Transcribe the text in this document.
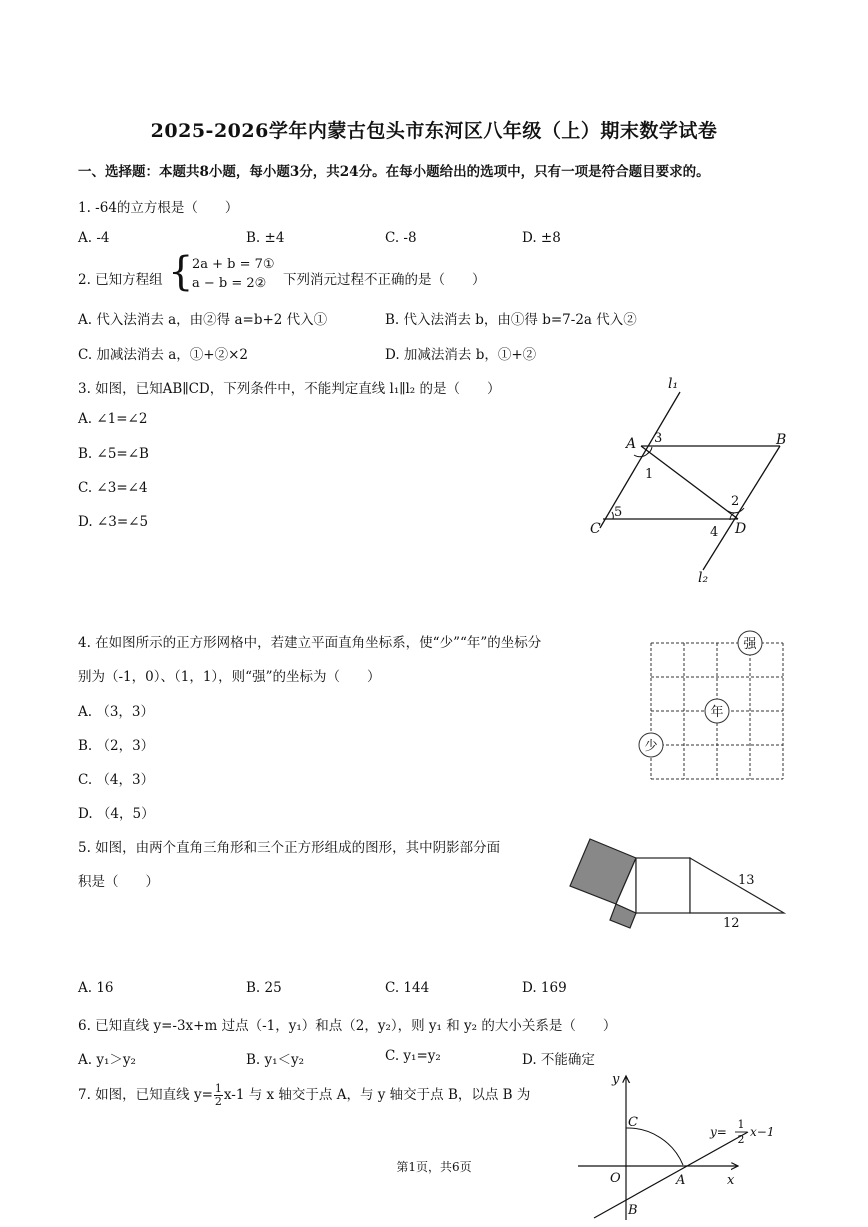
2025-2026学年内蒙古包头市东河区八年级（上）期末数学试卷
一、选择题：本题共8小题，每小题3分，共24分。在每小题给出的选项中，只有一项是符合题目要求的。
1. -64的立方根是（　　）
A. -4	B. ±4	C. -8	D. ±8
2. 已知方程组 {
2a + b = 7①
a − b = 2② 下列消元过程不正确的是（　　）
A. 代入法消去 a，由②得 a=b+2 代入①	B. 代入法消去 b，由①得 b=7-2a 代入②
C. 加减法消去 a，①+②×2	D. 加减法消去 b，①+②
3. 如图，已知AB∥CD，下列条件中，不能判定直线 l₁∥l₂ 的是（　　）
A. ∠1=∠2
B. ∠5=∠B
C. ∠3=∠4
D. ∠3=∠5
l₁
l₂
A	B
C	D
1
2
3
4
5
4. 在如图所示的正方形网格中，若建立平面直角坐标系，使“少”“年”的坐标分
别为（-1，0）、（1，1），则“强”的坐标为（　　）
A. （3，3）
B. （2，3）
C. （4，3）
D. （4，5）
少
年
强
5. 如图，由两个直角三角形和三个正方形组成的图形，其中阴影部分面
积是（　　）	13
12
A. 16	B. 25	C. 144	D. 169
6. 已知直线 y=-3x+m 过点（-1，y₁）和点（2，y₂），则 y₁ 和 y₂ 的大小关系是（　　）
A. y₁＞y₂	B. y₁＜y₂	C. y₁=y₂	D. 不能确定
7. 如图，已知直线 $y= \frac{1}{2} x-1$ 与 x 轴交于点 A，与 y 轴交于点 B，以点 B 为
y
x
C
O	A
B
y=
1
2
x−1
第1页，共6页
